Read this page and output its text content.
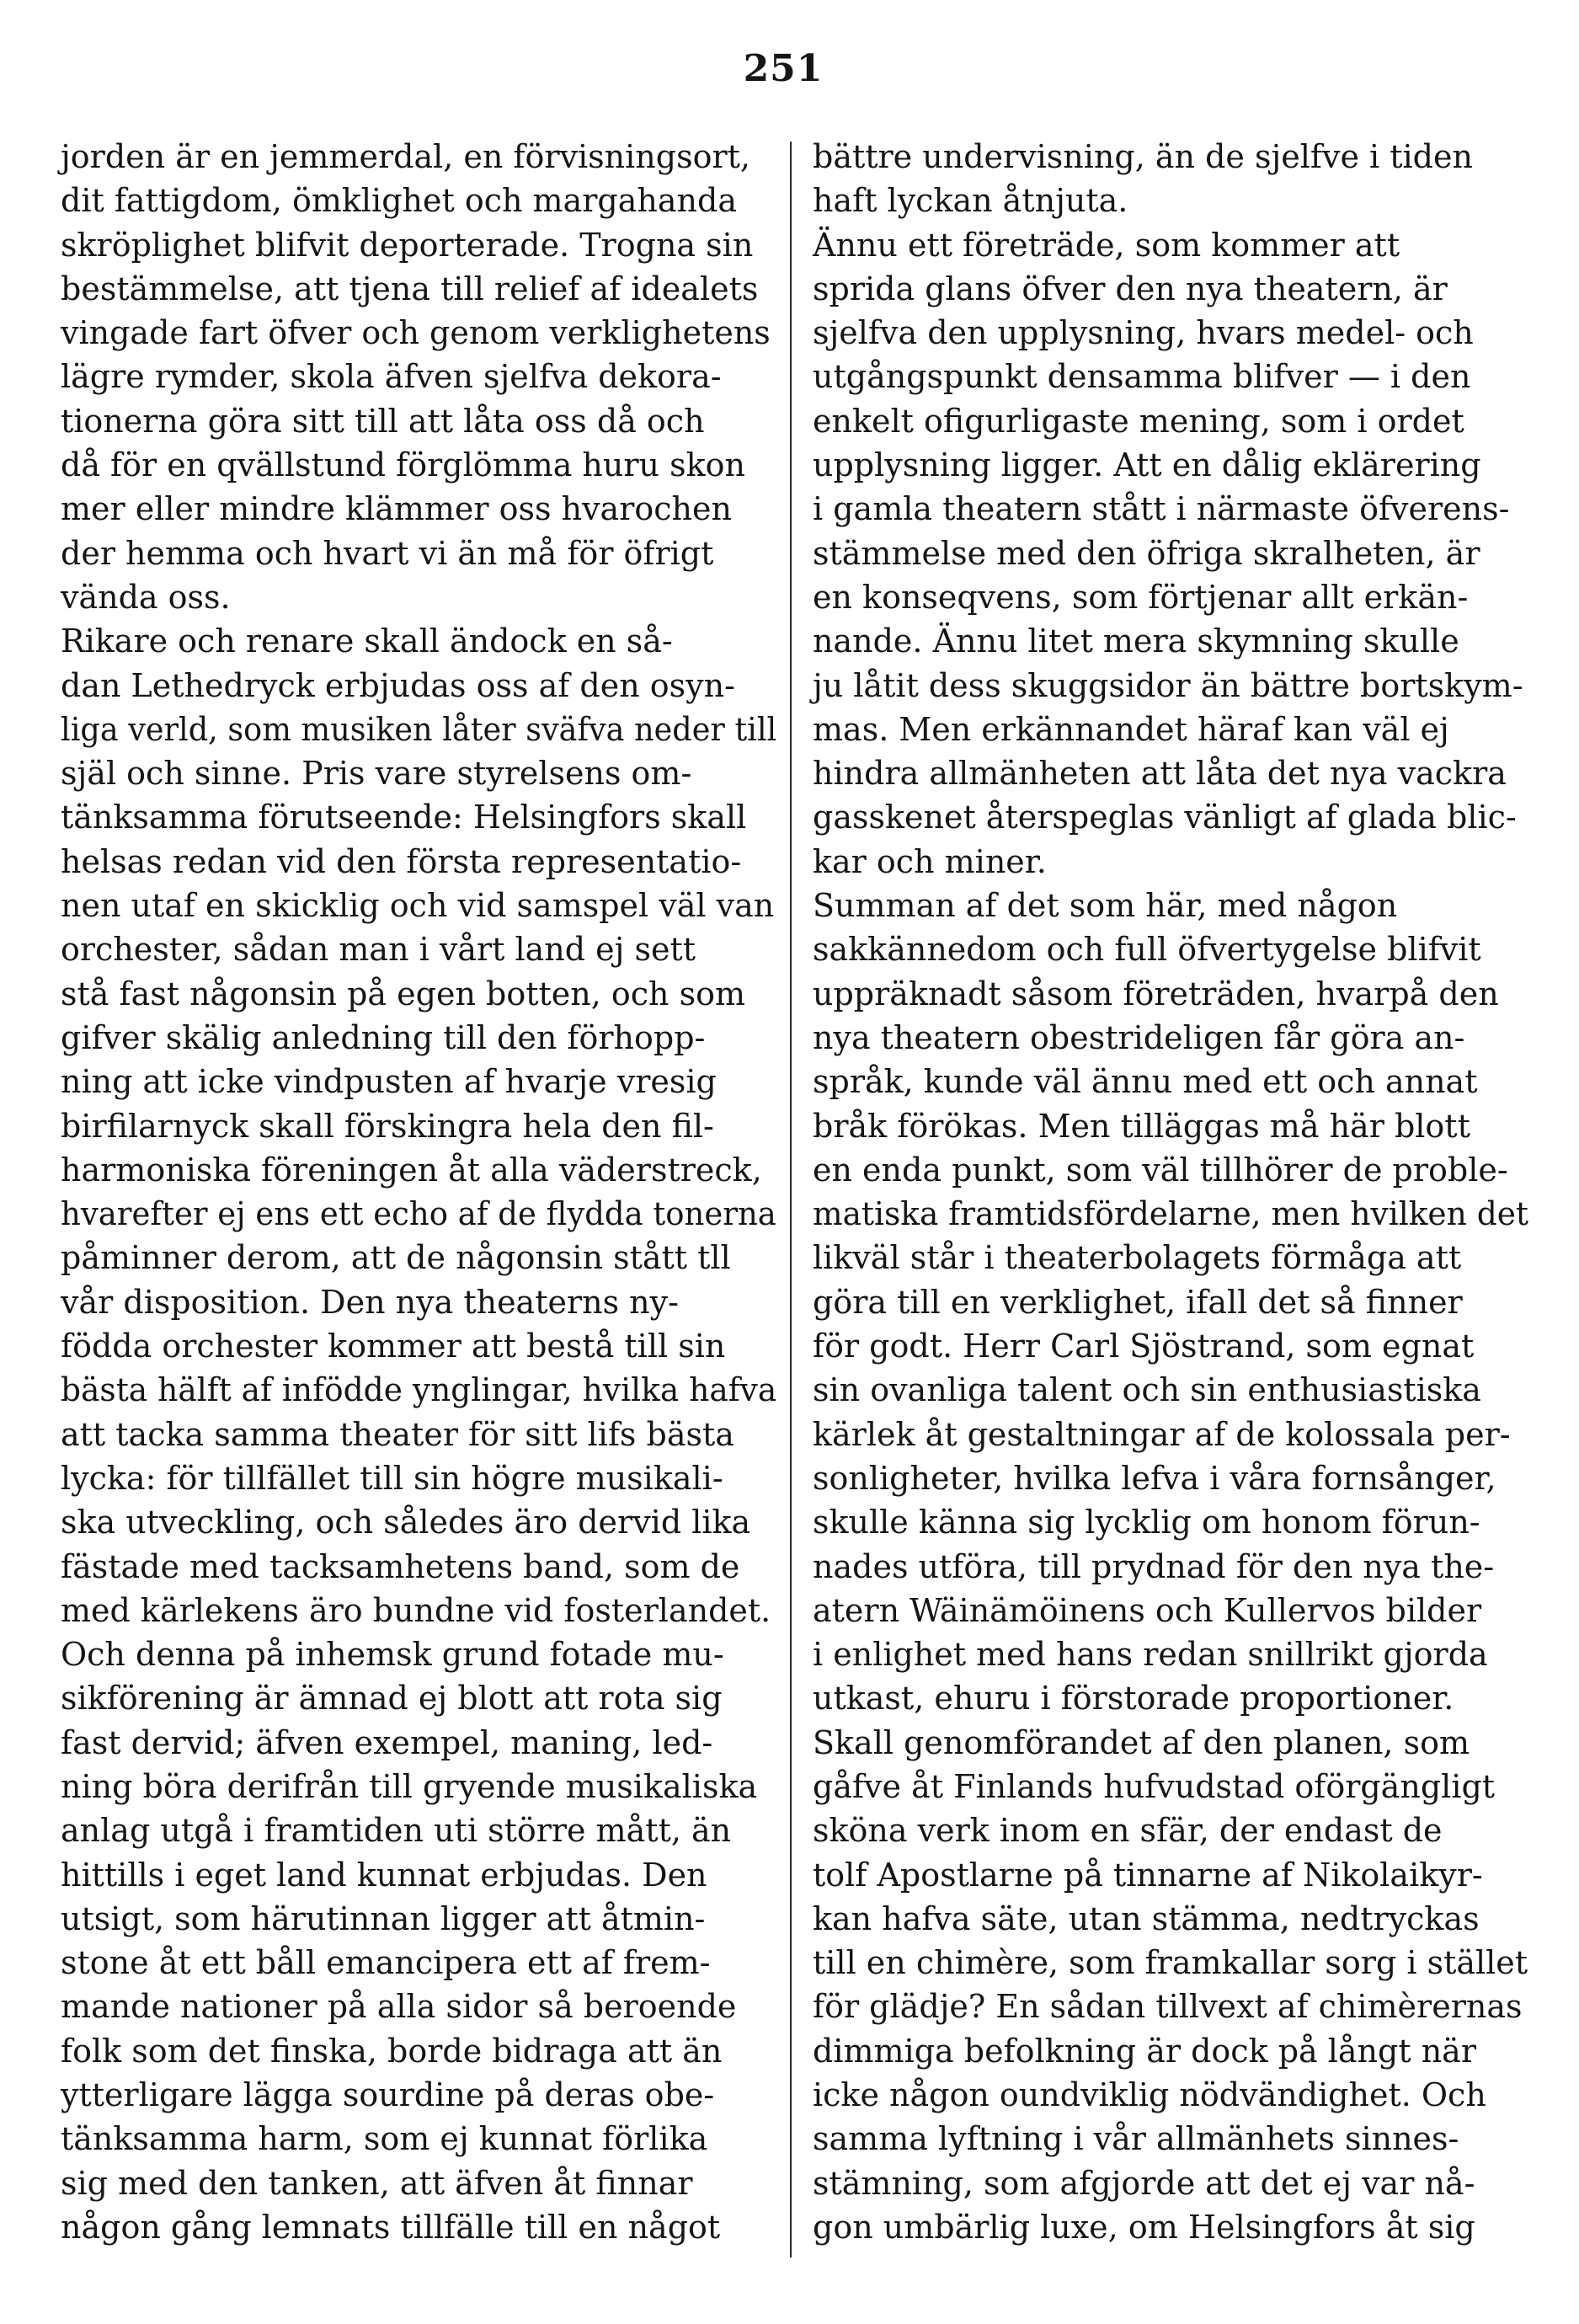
251
jorden är en jemmerdal, en förvisningsort,
dit fattigdom, ömklighet och margahanda
skröplighet blifvit deporterade. Trogna sin
bestämmelse, att tjena till relief af idealets
vingade fart öfver och genom verklighetens
lägre rymder, skola äfven sjelfva dekora-
tionerna göra sitt till att låta oss då och
då för en qvällstund förglömma huru skon
mer eller mindre klämmer oss hvarochen
der hemma och hvart vi än må för öfrigt
vända oss.
Rikare och renare skall ändock en så-
dan Lethedryck erbjudas oss af den osyn-
liga verld, som musiken låter sväfva neder till
själ och sinne. Pris vare styrelsens om-
tänksamma förutseende: Helsingfors skall
helsas redan vid den första representatio-
nen utaf en skicklig och vid samspel väl van
orchester, sådan man i vårt land ej sett
stå fast någonsin på egen botten, och som
gifver skälig anledning till den förhopp-
ning att icke vindpusten af hvarje vresig
birfilarnyck skall förskingra hela den fil-
harmoniska föreningen åt alla väderstreck,
hvarefter ej ens ett echo af de flydda tonerna
påminner derom, att de någonsin stått tll
vår disposition. Den nya theaterns ny-
födda orchester kommer att bestå till sin
bästa hälft af infödde ynglingar, hvilka hafva
att tacka samma theater för sitt lifs bästa
lycka: för tillfället till sin högre musikali-
ska utveckling, och således äro dervid lika
fästade med tacksamhetens band, som de
med kärlekens äro bundne vid fosterlandet.
Och denna på inhemsk grund fotade mu-
sikförening är ämnad ej blott att rota sig
fast dervid; äfven exempel, maning, led-
ning böra derifrån till gryende musikaliska
anlag utgå i framtiden uti större mått, än
hittills i eget land kunnat erbjudas. Den
utsigt, som härutinnan ligger att åtmin-
stone åt ett båll emancipera ett af frem-
mande nationer på alla sidor så beroende
folk som det finska, borde bidraga att än
ytterligare lägga sourdine på deras obe-
tänksamma harm, som ej kunnat förlika
sig med den tanken, att äfven åt finnar
någon gång lemnats tillfälle till en något
bättre undervisning, än de sjelfve i tiden
haft lyckan åtnjuta.
Ännu ett företräde, som kommer att
sprida glans öfver den nya theatern, är
sjelfva den upplysning, hvars medel- och
utgångspunkt densamma blifver — i den
enkelt ofigurligaste mening, som i ordet
upplysning ligger. Att en dålig eklärering
i gamla theatern stått i närmaste öfverens-
stämmelse med den öfriga skralheten, är
en konseqvens, som förtjenar allt erkän-
nande. Ännu litet mera skymning skulle
ju låtit dess skuggsidor än bättre bortskym-
mas. Men erkännandet häraf kan väl ej
hindra allmänheten att låta det nya vackra
gasskenet återspeglas vänligt af glada blic-
kar och miner.
Summan af det som här, med någon
sakkännedom och full öfvertygelse blifvit
uppräknadt såsom företräden, hvarpå den
nya theatern obestrideligen får göra an-
språk, kunde väl ännu med ett och annat
bråk förökas. Men tilläggas må här blott
en enda punkt, som väl tillhörer de proble-
matiska framtidsfördelarne, men hvilken det
likväl står i theaterbolagets förmåga att
göra till en verklighet, ifall det så finner
för godt. Herr Carl Sjöstrand, som egnat
sin ovanliga talent och sin enthusiastiska
kärlek åt gestaltningar af de kolossala per-
sonligheter, hvilka lefva i våra fornsånger,
skulle känna sig lycklig om honom förun-
nades utföra, till prydnad för den nya the-
atern Wäinämöinens och Kullervos bilder
i enlighet med hans redan snillrikt gjorda
utkast, ehuru i förstorade proportioner.
Skall genomförandet af den planen, som
gåfve åt Finlands hufvudstad oförgängligt
sköna verk inom en sfär, der endast de
tolf Apostlarne på tinnarne af Nikolaikyr-
kan hafva säte, utan stämma, nedtryckas
till en chimère, som framkallar sorg i stället
för glädje? En sådan tillvext af chimèrernas
dimmiga befolkning är dock på långt när
icke någon oundviklig nödvändighet. Och
samma lyftning i vår allmänhets sinnes-
stämning, som afgjorde att det ej var nå-
gon umbärlig luxe, om Helsingfors åt sig
